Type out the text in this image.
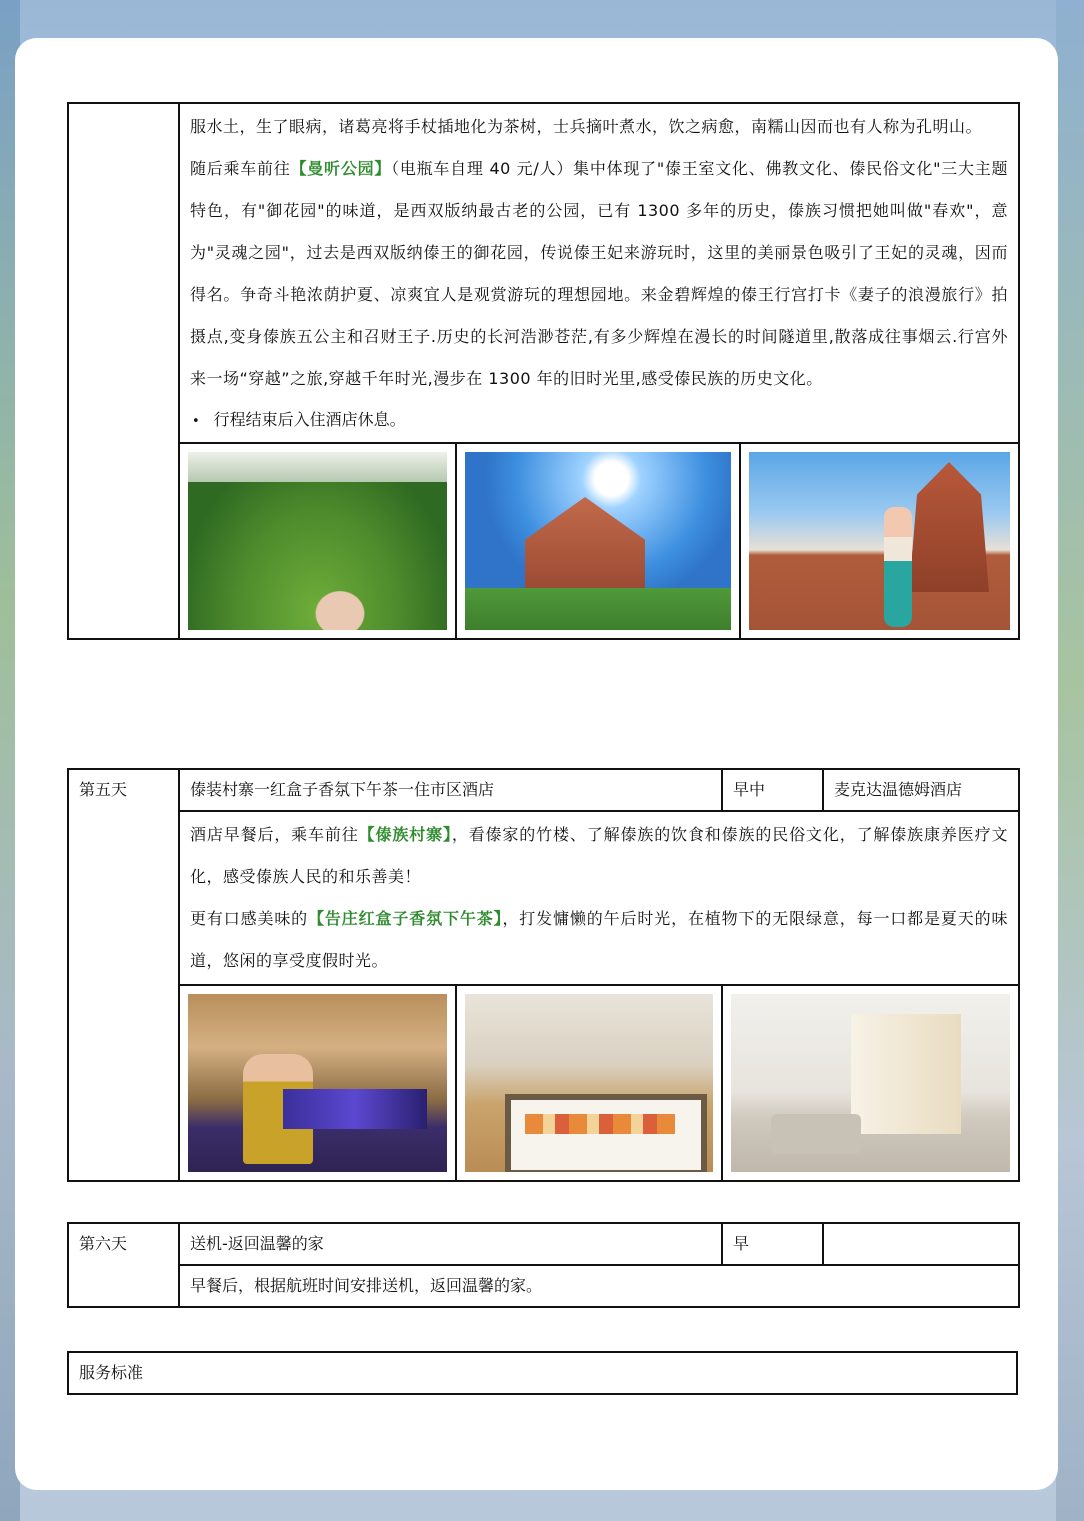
	服水土，生了眼病，诸葛亮将手杖插地化为茶树，士兵摘叶煮水，饮之病愈，南糯山因而也有人称为孔明山。
随后乘车前往【曼听公园】（电瓶车自理 40 元/人）集中体现了"傣王室文化、佛教文化、傣民俗文化"三大主题特色，有"御花园"的味道，是西双版纳最古老的公园，已有 1300 多年的历史，傣族习惯把她叫做"春欢"，意为"灵魂之园"，过去是西双版纳傣王的御花园，传说傣王妃来游玩时，这里的美丽景色吸引了王妃的灵魂，因而得名。争奇斗艳浓荫护夏、凉爽宜人是观赏游玩的理想园地。来金碧辉煌的傣王行宫打卡《妻子的浪漫旅行》拍摄点,变身傣族五公主和召财王子.历史的长河浩渺苍茫,有多少辉煌在漫长的时间隧道里,散落成往事烟云.行宫外来一场“穿越”之旅,穿越千年时光,漫步在 1300 年的旧时光里,感受傣民族的历史文化。
• 行程结束后入住酒店休息。		

第五天	傣装村寨一红盒子香氛下午茶一住市区酒店		早中	麦克达温德姆酒店

	酒店早餐后，乘车前往【傣族村寨】，看傣家的竹楼、了解傣族的饮食和傣族的民俗文化，了解傣族康养医疗文化，感受傣族人民的和乐善美！
更有口感美味的【告庄红盒子香氛下午茶】，打发慵懒的午后时光，在植物下的无限绿意，每一口都是夏天的味道，悠闲的享受度假时光。			

第六天	送机-返回温馨的家	早	
早餐后，根据航班时间安排送机，返回温馨的家。
服务标准
